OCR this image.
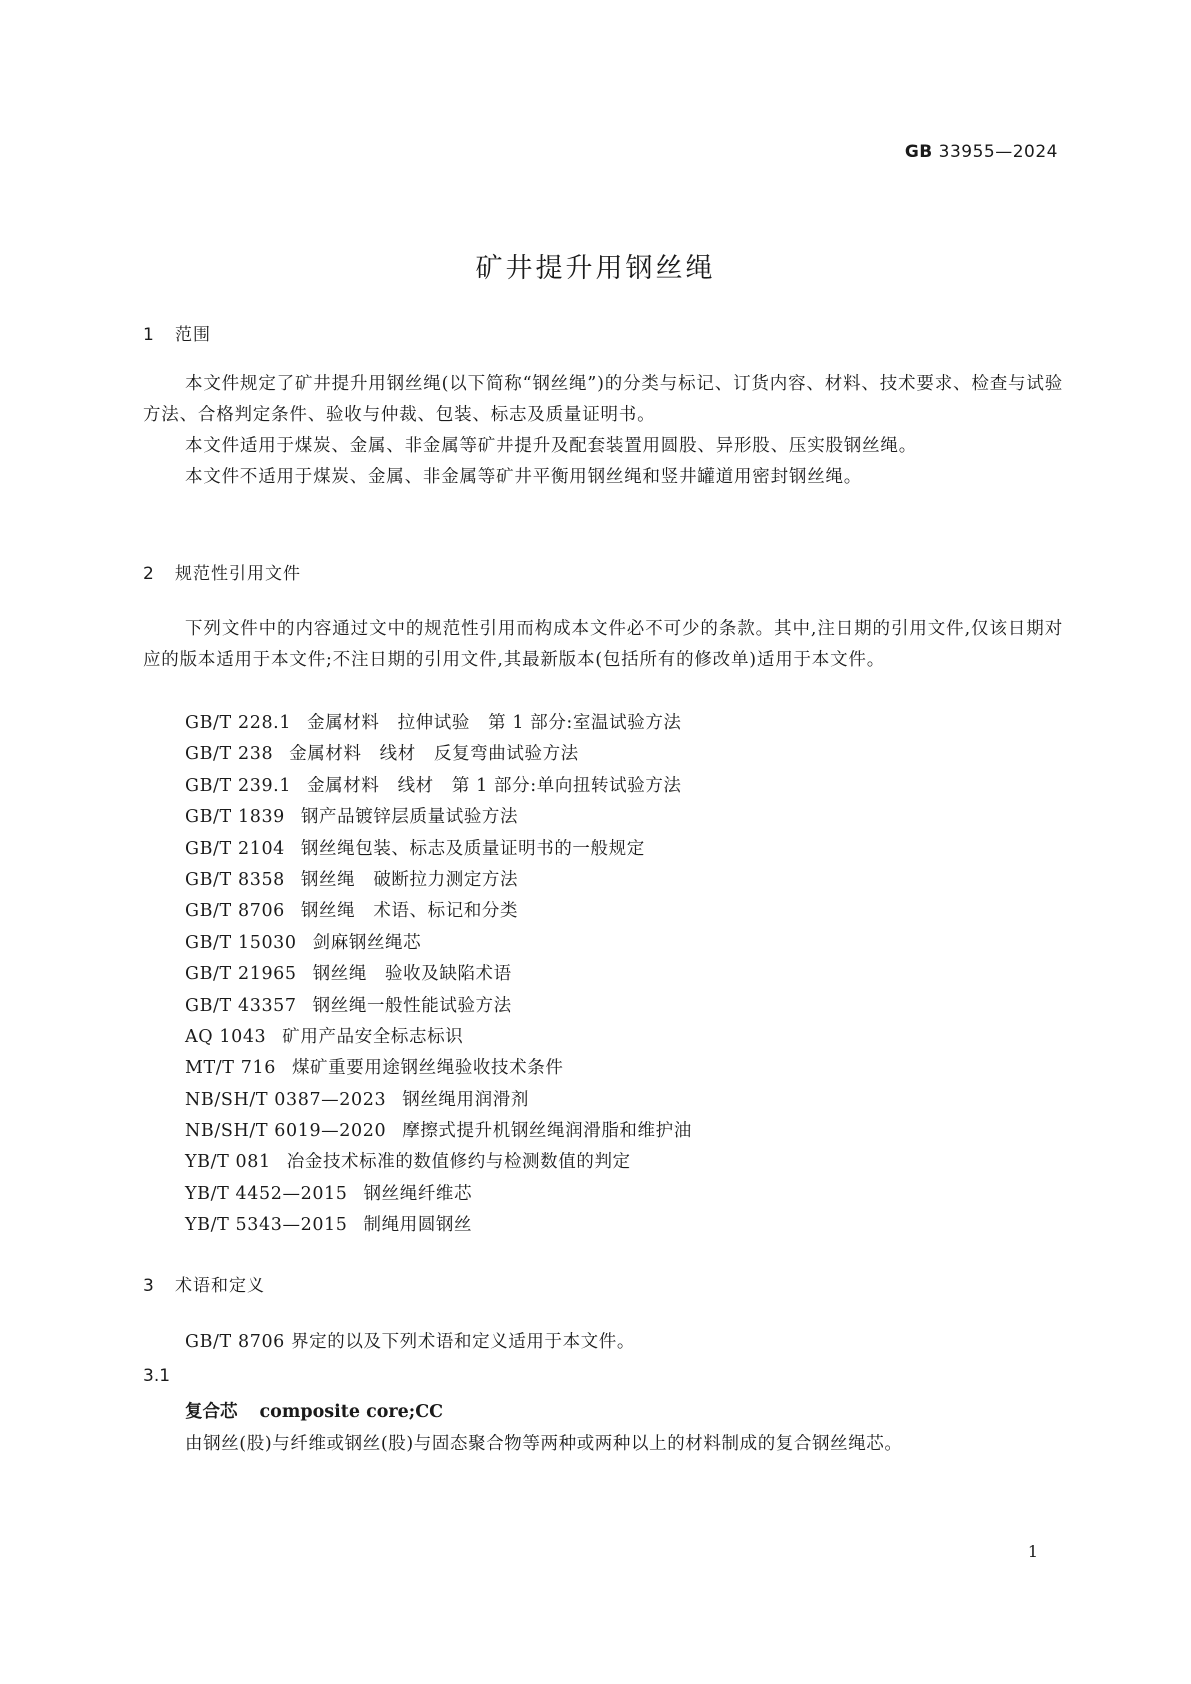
GB 33955—2024
矿井提升用钢丝绳
1 范围
本文件规定了矿井提升用钢丝绳(以下简称“钢丝绳”)的分类与标记、订货内容、材料、技术要求、检查与试验方法、合格判定条件、验收与仲裁、包装、标志及质量证明书。
本文件适用于煤炭、金属、非金属等矿井提升及配套装置用圆股、异形股、压实股钢丝绳。
本文件不适用于煤炭、金属、非金属等矿井平衡用钢丝绳和竖井罐道用密封钢丝绳。
2 规范性引用文件
下列文件中的内容通过文中的规范性引用而构成本文件必不可少的条款。其中,注日期的引用文件,仅该日期对应的版本适用于本文件;不注日期的引用文件,其最新版本(包括所有的修改单)适用于本文件。
GB/T 228.1 金属材料　拉伸试验　第 1 部分:室温试验方法
GB/T 238 金属材料　线材　反复弯曲试验方法
GB/T 239.1 金属材料　线材　第 1 部分:单向扭转试验方法
GB/T 1839 钢产品镀锌层质量试验方法
GB/T 2104 钢丝绳包装、标志及质量证明书的一般规定
GB/T 8358 钢丝绳　破断拉力测定方法
GB/T 8706 钢丝绳　术语、标记和分类
GB/T 15030 剑麻钢丝绳芯
GB/T 21965 钢丝绳　验收及缺陷术语
GB/T 43357 钢丝绳一般性能试验方法
AQ 1043 矿用产品安全标志标识
MT/T 716 煤矿重要用途钢丝绳验收技术条件
NB/SH/T 0387—2023 钢丝绳用润滑剂
NB/SH/T 6019—2020 摩擦式提升机钢丝绳润滑脂和维护油
YB/T 081 冶金技术标准的数值修约与检测数值的判定
YB/T 4452—2015 钢丝绳纤维芯
YB/T 5343—2015 制绳用圆钢丝
3 术语和定义
GB/T 8706 界定的以及下列术语和定义适用于本文件。
3.1
复合芯 composite core;CC
由钢丝(股)与纤维或钢丝(股)与固态聚合物等两种或两种以上的材料制成的复合钢丝绳芯。
1
